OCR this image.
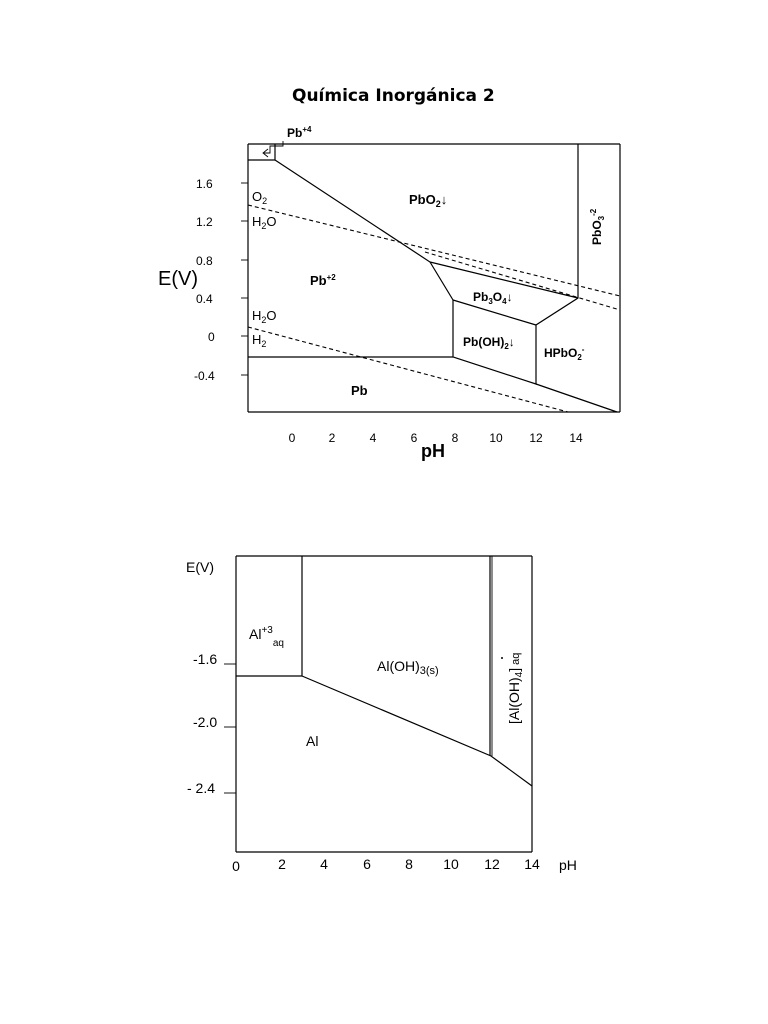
Química Inorgánica 2
1.6
1.2
0.8
0.4
0
-0.4
0	2	4	6	8	10 12 14
E(V)
pH
$O_2$
$H_2O$
$H_2O$
$H_2$
$Pb^{+4}$
PbO$_2$↓
PbO$_3^{-2}$
$Pb^{+2}$
$Pb_3O_4↓$
$Pb(OH)_2↓$
HPbO$_2$-
Pb
E(V)
-1.6
-2.0
- 2.4
0	2 4	6 8 10 12 14 pH
$Al^{+3}_{aq}$
$Al(OH)_{3(s)}$
Al
$[Al(OH)_4]aq$
